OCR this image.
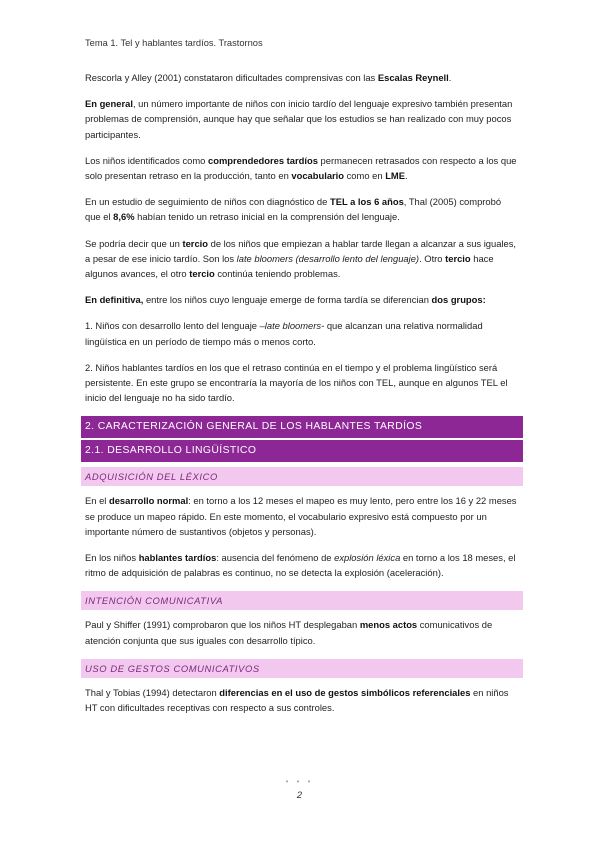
Tema 1. Tel y hablantes tardíos. Trastornos

Rescorla y Alley (2001) constataron dificultades comprensivas con las Escalas Reynell.

En general, un número importante de niños con inicio tardío del lenguaje expresivo también presentan problemas de comprensión, aunque hay que señalar que los estudios se han realizado con muy pocos participantes.

Los niños identificados como comprendedores tardíos permanecen retrasados con respecto a los que solo presentan retraso en la producción, tanto en vocabulario como en LME.

En un estudio de seguimiento de niños con diagnóstico de TEL a los 6 años, Thal (2005) comprobó que el 8,6% habían tenido un retraso inicial en la comprensión del lenguaje.

Se podría decir que un tercio de los niños que empiezan a hablar tarde llegan a alcanzar a sus iguales, a pesar de ese inicio tardío. Son los late bloomers (desarrollo lento del lenguaje). Otro tercio hace algunos avances, el otro tercio continúa teniendo problemas.

En definitiva, entre los niños cuyo lenguaje emerge de forma tardía se diferencian dos grupos:

1. Niños con desarrollo lento del lenguaje –late bloomers- que alcanzan una relativa normalidad lingüística en un período de tiempo más o menos corto.

2. Niños hablantes tardíos en los que el retraso continúa en el tiempo y el problema lingüístico será persistente. En este grupo se encontraría la mayoría de los niños con TEL, aunque en algunos TEL el inicio del lenguaje no ha sido tardío.

2. CARACTERIZACIÓN GENERAL DE LOS HABLANTES TARDÍOS
2.1. DESARROLLO LINGÜÍSTICO
ADQUISICIÓN DEL LÉXICO

En el desarrollo normal: en torno a los 12 meses el mapeo es muy lento, pero entre los 16 y 22 meses se produce un mapeo rápido. En este momento, el vocabulario expresivo está compuesto por un importante número de sustantivos (objetos y personas).

En los niños hablantes tardíos: ausencia del fenómeno de explosión léxica en torno a los 18 meses, el ritmo de adquisición de palabras es continuo, no se detecta la explosión (aceleración).

INTENCIÓN COMUNICATIVA

Paul y Shiffer (1991) comprobaron que los niños HT desplegaban menos actos comunicativos de atención conjunta que sus iguales con desarrollo típico.

USO DE GESTOS COMUNICATIVOS

Thal y Tobias (1994) detectaron diferencias en el uso de gestos simbólicos referenciales en niños HT con dificultades receptivas con respecto a sus controles.

• • •
2
